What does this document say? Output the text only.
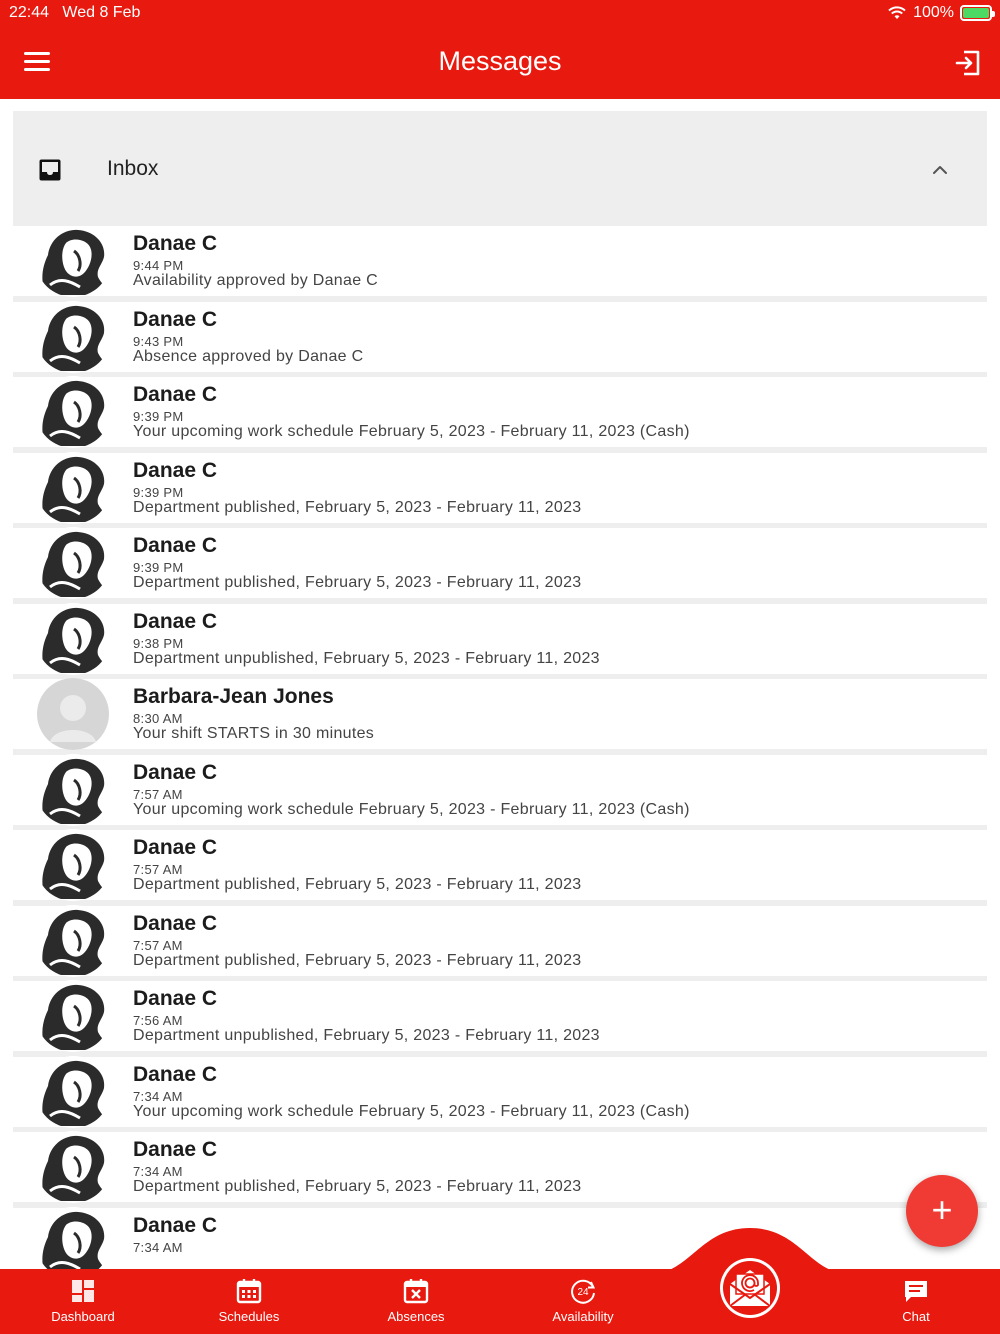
22:44 Wed 8 Feb	100%
Messages
Inbox
Danae C
9:44 PM
Availability approved by Danae C
Danae C
9:43 PM
Absence approved by Danae C
Danae C
9:39 PM
Your upcoming work schedule February 5, 2023 - February 11, 2023 (Cash)
Danae C
9:39 PM
Department published, February 5, 2023 - February 11, 2023
Danae C
9:39 PM
Department published, February 5, 2023 - February 11, 2023
Danae C
9:38 PM
Department unpublished, February 5, 2023 - February 11, 2023
Barbara-Jean Jones
8:30 AM
Your shift STARTS in 30 minutes
Danae C
7:57 AM
Your upcoming work schedule February 5, 2023 - February 11, 2023 (Cash)
Danae C
7:57 AM
Department published, February 5, 2023 - February 11, 2023
Danae C
7:57 AM
Department published, February 5, 2023 - February 11, 2023
Danae C
7:56 AM
Department unpublished, February 5, 2023 - February 11, 2023
Danae C
7:34 AM
Your upcoming work schedule February 5, 2023 - February 11, 2023 (Cash)
Danae C
7:34 AM
Department published, February 5, 2023 - February 11, 2023
Danae C
7:34 AM
+
Dashboard	Schedules	Absences
24
Availability	Chat
